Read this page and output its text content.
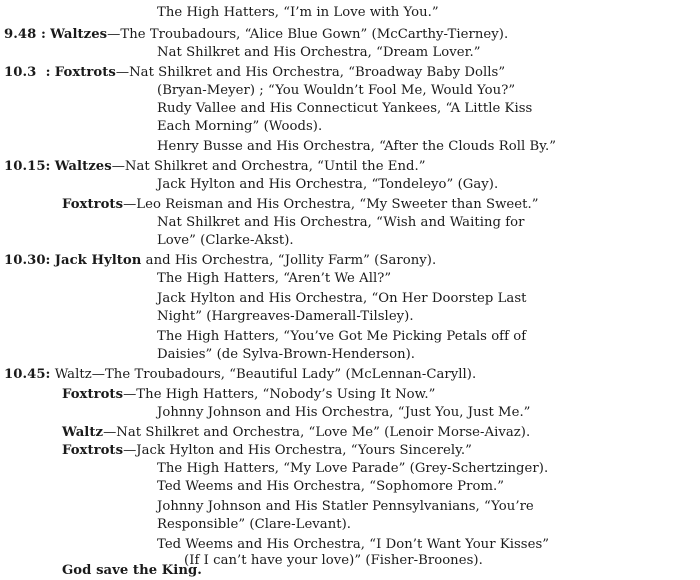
The High Hatters, “I’m in Love with You.”
9.48 : Waltzes—The Troubadours, “Alice Blue Gown” (McCarthy-Tierney).
Nat Shilkret and His Orchestra, “Dream Lover.”
10.3  : Foxtrots—Nat Shilkret and His Orchestra, “Broadway Baby Dolls”
(Bryan-Meyer) ; “You Wouldn’t Fool Me, Would You?”
Rudy Vallee and His Connecticut Yankees, “A Little Kiss
Each Morning” (Woods).
Henry Busse and His Orchestra, “After the Clouds Roll By.”
10.15: Waltzes—Nat Shilkret and Orchestra, “Until the End.”
Jack Hylton and His Orchestra, “Tondeleyo” (Gay).
Foxtrots—Leo Reisman and His Orchestra, “My Sweeter than Sweet.”
Nat Shilkret and His Orchestra, “Wish and Waiting for
Love” (Clarke-Akst).
10.30: Jack Hylton and His Orchestra, “Jollity Farm” (Sarony).
The High Hatters, “Aren’t We All?”
Jack Hylton and His Orchestra, “On Her Doorstep Last
Night” (Hargreaves-Damerall-Tilsley).
The High Hatters, “You’ve Got Me Picking Petals off of
Daisies” (de Sylva-Brown-Henderson).
10.45: Waltz—The Troubadours, “Beautiful Lady” (McLennan-Caryll).
Foxtrots—The High Hatters, “Nobody’s Using It Now.”
Johnny Johnson and His Orchestra, “Just You, Just Me.”
Waltz—Nat Shilkret and Orchestra, “Love Me” (Lenoir Morse-Aivaz).
Foxtrots—Jack Hylton and His Orchestra, “Yours Sincerely.”
The High Hatters, “My Love Parade” (Grey-Schertzinger).
Ted Weems and His Orchestra, “Sophomore Prom.”
Johnny Johnson and His Statler Pennsylvanians, “You’re
Responsible” (Clare-Levant).
Ted Weems and His Orchestra, “I Don’t Want Your Kisses”
(If I can’t have your love)” (Fisher-Broones).
God save the King.
